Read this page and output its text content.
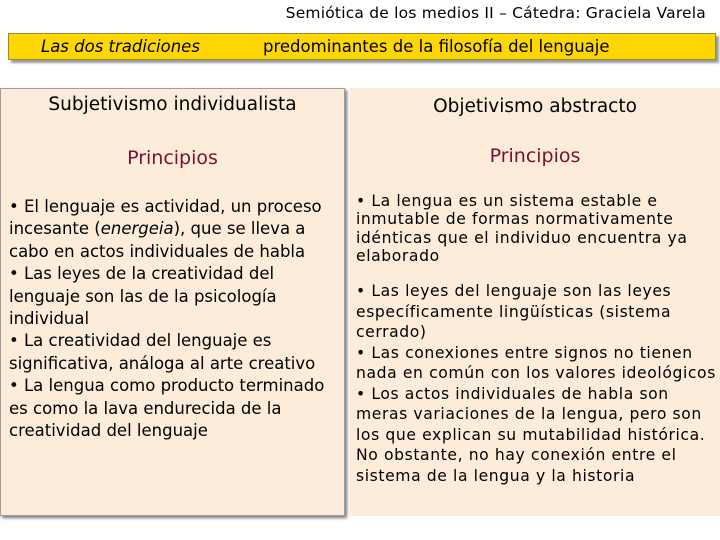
Semiótica de los medios II – Cátedra: Graciela Varela
Las dos tradiciones	predominantes de la filosofía del lenguaje
Subjetivismo individualista
Principios

• El lenguaje es actividad, un proceso incesante (energeia), que se lleva a cabo en actos individuales de habla

• Las leyes de la creatividad del lenguaje son las de la psicología individual

• La creatividad del lenguaje es significativa, análoga al arte creativo

• La lengua como producto terminado es como la lava endurecida de la creatividad del lenguaje

Objetivismo abstracto
Principios

• La lengua es un sistema estable e inmutable de formas normativamente idénticas que el individuo encuentra ya elaborado

• Las leyes del lenguaje son las leyes específicamente lingüísticas (sistema cerrado)

• Las conexiones entre signos no tienen nada en común con los valores ideológicos

• Los actos individuales de habla son meras variaciones de la lengua, pero son los que explican su mutabilidad histórica. No obstante, no hay conexión entre el sistema de la lengua y la historia
